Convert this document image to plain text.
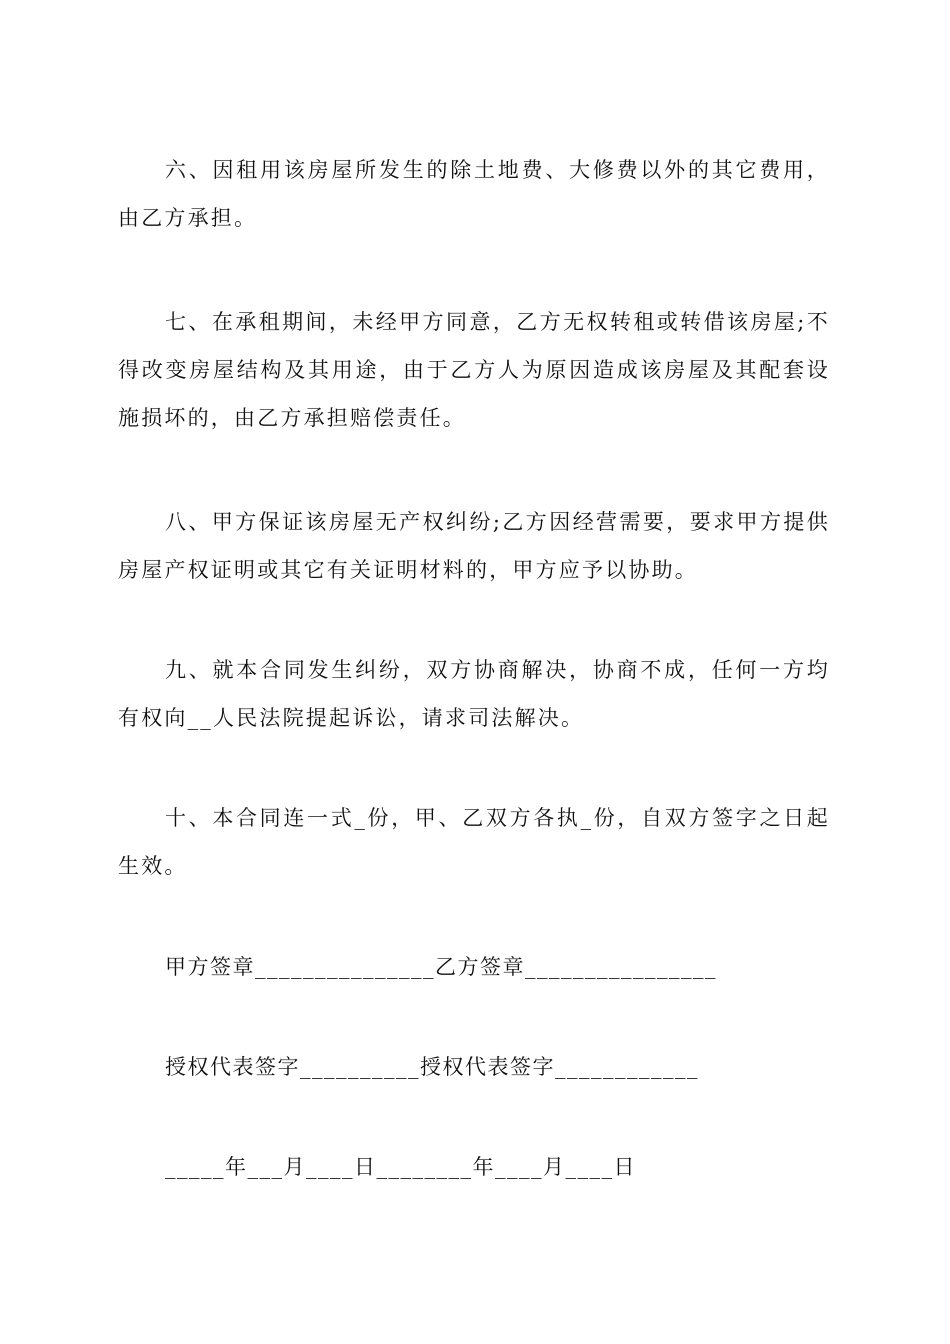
六、因租用该房屋所发生的除土地费、大修费以外的其它费用，由乙方承担。

七、在承租期间，未经甲方同意，乙方无权转租或转借该房屋;不得改变房屋结构及其用途，由于乙方人为原因造成该房屋及其配套设施损坏的，由乙方承担赔偿责任。

八、甲方保证该房屋无产权纠纷;乙方因经营需要，要求甲方提供房屋产权证明或其它有关证明材料的，甲方应予以协助。

九、就本合同发生纠纷，双方协商解决，协商不成，任何一方均有权向__人民法院提起诉讼，请求司法解决。

十、本合同连一式_份，甲、乙双方各执_份，自双方签字之日起生效。

甲方签章_______________乙方签章________________

授权代表签字__________授权代表签字____________

_____年___月____日________年____月____日
